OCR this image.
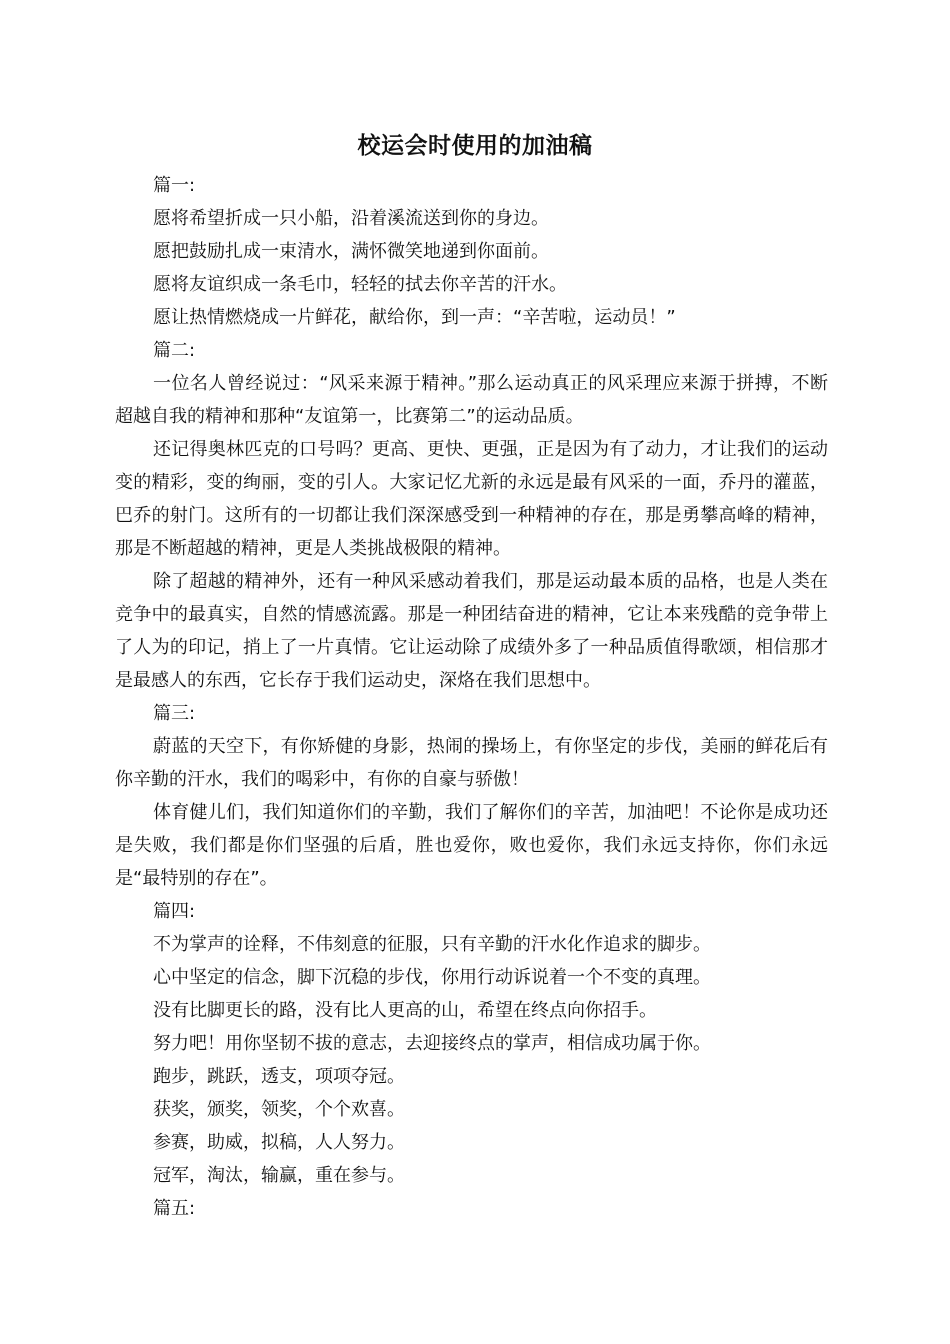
校运会时使用的加油稿

篇一:

愿将希望折成一只小船，沿着溪流送到你的身边。

愿把鼓励扎成一束清水，满怀微笑地递到你面前。

愿将友谊织成一条毛巾，轻轻的拭去你辛苦的汗水。

愿让热情燃烧成一片鲜花，献给你，到一声：“辛苦啦，运动员！”

篇二:

一位名人曾经说过：“风采来源于精神。”那么运动真正的风采理应来源于拼搏，不断超越自我的精神和那种“友谊第一，比赛第二”的运动品质。

还记得奥林匹克的口号吗？更高、更快、更强，正是因为有了动力，才让我们的运动变的精彩，变的绚丽，变的引人。大家记忆尤新的永远是最有风采的一面，乔丹的灌蓝，巴乔的射门。这所有的一切都让我们深深感受到一种精神的存在，那是勇攀高峰的精神，那是不断超越的精神，更是人类挑战极限的精神。

除了超越的精神外，还有一种风采感动着我们，那是运动最本质的品格，也是人类在竞争中的最真实，自然的情感流露。那是一种团结奋进的精神，它让本来残酷的竞争带上了人为的印记，捎上了一片真情。它让运动除了成绩外多了一种品质值得歌颂，相信那才是最感人的东西，它长存于我们运动史，深烙在我们思想中。

篇三:

蔚蓝的天空下，有你矫健的身影，热闹的操场上，有你坚定的步伐，美丽的鲜花后有你辛勤的汗水，我们的喝彩中，有你的自豪与骄傲！

体育健儿们，我们知道你们的辛勤，我们了解你们的辛苦，加油吧！不论你是成功还是失败，我们都是你们坚强的后盾，胜也爱你，败也爱你，我们永远支持你，你们永远是“最特别的存在”。

篇四:

不为掌声的诠释，不伟刻意的征服，只有辛勤的汗水化作追求的脚步。

心中坚定的信念，脚下沉稳的步伐，你用行动诉说着一个不变的真理。

没有比脚更长的路，没有比人更高的山，希望在终点向你招手。

努力吧！用你坚韧不拔的意志，去迎接终点的掌声，相信成功属于你。

跑步，跳跃，透支，项项夺冠。

获奖，颁奖，领奖，个个欢喜。

参赛，助威，拟稿，人人努力。

冠军，淘汰，输赢，重在参与。

篇五:
